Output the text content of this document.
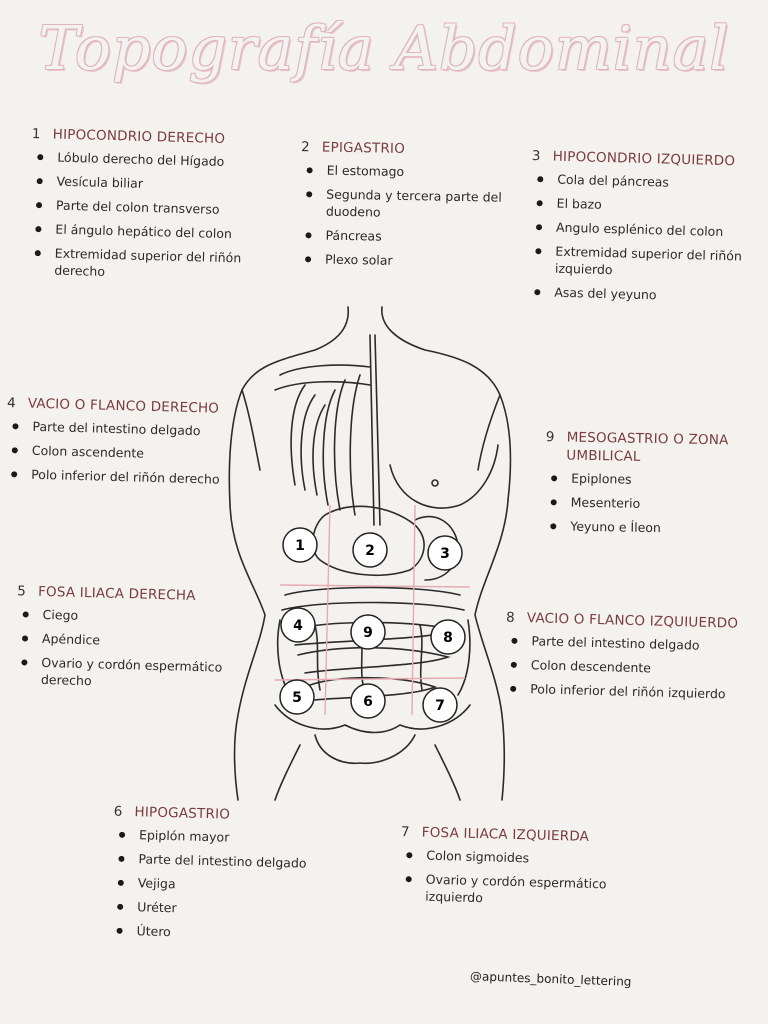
Topografía Abdominal
1 HIPOCONDRIO DERECHO
Lóbulo derecho del Hígado
Vesícula biliar
Parte del colon transverso
El ángulo hepático del colon
Extremidad superior del riñón derecho
2 EPIGASTRIO
El estomago
Segunda y tercera parte del duodeno
Páncreas
Plexo solar
3 HIPOCONDRIO IZQUIERDO
Cola del páncreas
El bazo
Angulo esplénico del colon
Extremidad superior del riñón izquierdo
Asas del yeyuno
4 VACIO O FLANCO DERECHO
Parte del intestino delgado
Colon ascendente
Polo inferior del riñón derecho
9 MESOGASTRIO O ZONA UMBILICAL
Epiplones
Mesenterio
Yeyuno e Íleon
5 FOSA ILIACA DERECHA
Ciego
Apéndice
Ovario y cordón espermático derecho
8 VACIO O FLANCO IZQUIUERDO
Parte del intestino delgado
Colon descendente
Polo inferior del riñón izquierdo
6 HIPOGASTRIO
Epiplón mayor
Parte del intestino delgado
Vejiga
Uréter
Útero
7 FOSA ILIACA IZQUIERDA
Colon sigmoides
Ovario y cordón espermático izquierdo
1	2	3
4	9	8
5	6	7
@apuntes_bonito_lettering
